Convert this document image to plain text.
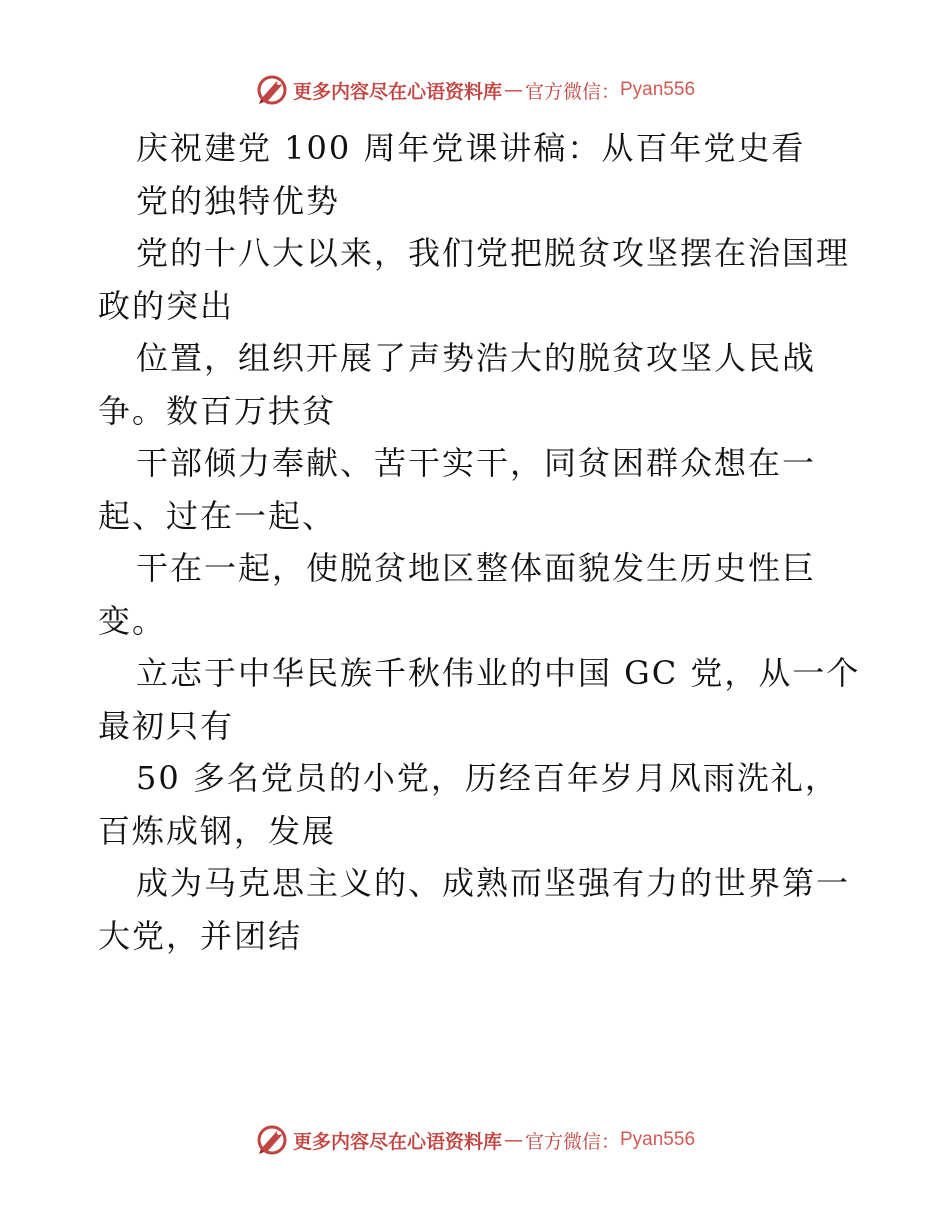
更多内容尽在心语资料库 — 官方微信： Pyan556
庆祝建党 100 周年党课讲稿：从百年党史看
党的独特优势
党的十八大以来，我们党把脱贫攻坚摆在治国理
政的突出
位置，组织开展了声势浩大的脱贫攻坚人民战
争。数百万扶贫
干部倾力奉献、苦干实干，同贫困群众想在一
起、过在一起、
干在一起，使脱贫地区整体面貌发生历史性巨
变。
立志于中华民族千秋伟业的中国 GC 党，从一个
最初只有
50 多名党员的小党，历经百年岁月风雨洗礼，
百炼成钢，发展
成为马克思主义的、成熟而坚强有力的世界第一
大党，并团结
更多内容尽在心语资料库 — 官方微信： Pyan556
